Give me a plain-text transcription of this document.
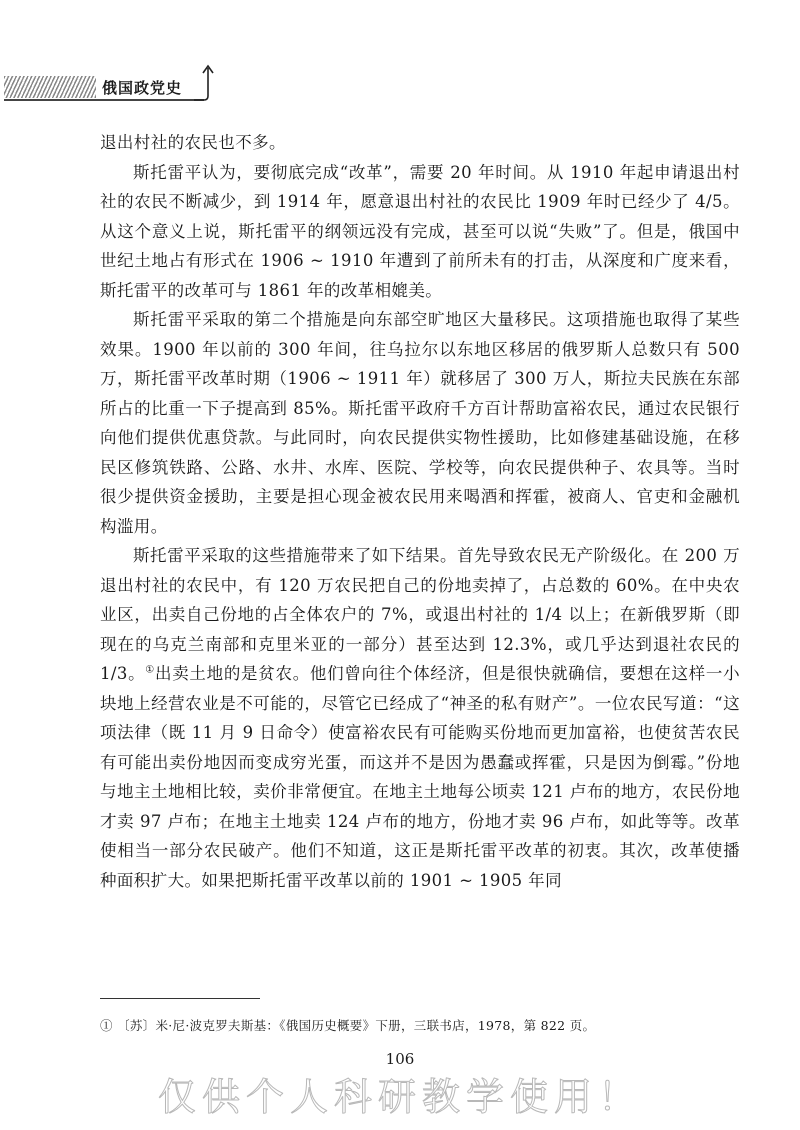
俄国政党史

退出村社的农民也不多。

斯托雷平认为，要彻底完成“改革”，需要 20 年时间。从 1910 年起申请退出村社的农民不断减少，到 1914 年，愿意退出村社的农民比 1909 年时已经少了 4/5。从这个意义上说，斯托雷平的纲领远没有完成，甚至可以说“失败”了。但是，俄国中世纪土地占有形式在 1906 ~ 1910 年遭到了前所未有的打击，从深度和广度来看，斯托雷平的改革可与 1861 年的改革相媲美。

斯托雷平采取的第二个措施是向东部空旷地区大量移民。这项措施也取得了某些效果。1900 年以前的 300 年间，往乌拉尔以东地区移居的俄罗斯人总数只有 500 万，斯托雷平改革时期（1906 ~ 1911 年）就移居了 300 万人，斯拉夫民族在东部所占的比重一下子提高到 85%。斯托雷平政府千方百计帮助富裕农民，通过农民银行向他们提供优惠贷款。与此同时，向农民提供实物性援助，比如修建基础设施，在移民区修筑铁路、公路、水井、水库、医院、学校等，向农民提供种子、农具等。当时很少提供资金援助，主要是担心现金被农民用来喝酒和挥霍，被商人、官吏和金融机构滥用。

斯托雷平采取的这些措施带来了如下结果。首先导致农民无产阶级化。在 200 万退出村社的农民中，有 120 万农民把自己的份地卖掉了，占总数的 60%。在中央农业区，出卖自己份地的占全体农户的 7%，或退出村社的 1/4 以上；在新俄罗斯（即现在的乌克兰南部和克里米亚的一部分）甚至达到 12.3%，或几乎达到退社农民的 1/3。①出卖土地的是贫农。他们曾向往个体经济，但是很快就确信，要想在这样一小块地上经营农业是不可能的，尽管它已经成了“神圣的私有财产”。一位农民写道：“这项法律（既 11 月 9 日命令）使富裕农民有可能购买份地而更加富裕，也使贫苦农民有可能出卖份地因而变成穷光蛋，而这并不是因为愚蠢或挥霍，只是因为倒霉。”份地与地主土地相比较，卖价非常便宜。在地主土地每公顷卖 121 卢布的地方，农民份地才卖 97 卢布；在地主土地卖 124 卢布的地方，份地才卖 96 卢布，如此等等。改革使相当一部分农民破产。他们不知道，这正是斯托雷平改革的初衷。其次，改革使播种面积扩大。如果把斯托雷平改革以前的 1901 ~ 1905 年同

① 〔苏〕米·尼·波克罗夫斯基：《俄国历史概要》下册，三联书店，1978，第 822 页。
106
仅供个人科研教学使用！
